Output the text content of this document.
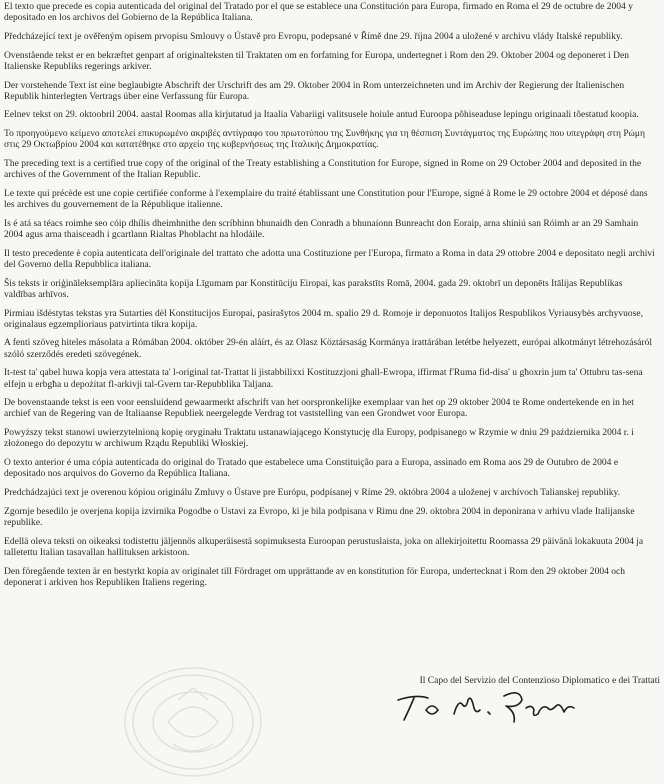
El texto que precede es copia autenticada del original del Tratado por el que se establece una Constitución para Europa, firmado en Roma el 29 de octubre de 2004 y depositado en los archivos del Gobierno de la República Italiana.

Předcházející text je ověřeným opisem prvopisu Smlouvy o Ústavě pro Evropu, podepsané v Římě dne 29. října 2004 a uložené v archivu vlády Italské republiky.

Ovenstående tekst er en bekræftet genpart af originalteksten til Traktaten om en forfatning for Europa, undertegnet i Rom den 29. Oktober 2004 og deponeret i Den Italienske Republiks regerings arkiver.

Der vorstehende Text ist eine beglaubigte Abschrift der Urschrift des am 29. Oktober 2004 in Rom unterzeichneten und im Archiv der Regierung der Italienischen Republik hinterlegten Vertrags über eine Verfassung für Europa.

Eelnev tekst on 29. oktoobril 2004. aastal Roomas alla kirjutatud ja Itaalia Vabariigi valitsusele hoiule antud Euroopa põhiseaduse lepingu originaali tõestatud koopia.

Το προηγούμενο κείμενο αποτελεί επικυρωμένο ακριβές αντίγραφο του πρωτοτύπου της Συνθήκης για τη θέσπιση Συντάγματος της Ευρώπης που υπεγράφη στη Ρώμη στις 29 Οκτωβρίου 2004 και κατατέθηκε στο αρχείο της κυβερνήσεως της Ιταλικής Δημοκρατίας.

The preceding text is a certified true copy of the original of the Treaty establishing a Constitution for Europe, signed in Rome on 29 October 2004 and deposited in the archives of the Government of the Italian Republic.

Le texte qui précède est une copie certifiée conforme à l'exemplaire du traité établissant une Constitution pour l'Europe, signé à Rome le 29 octobre 2004 et déposé dans les archives du gouvernement de la République italienne.

Is é atá sa téacs roimhe seo cóip dhílis dheimhnithe den scríbhinn bhunaidh den Conradh a bhunaíonn Bunreacht don Eoraip, arna shíniú san Róimh ar an 29 Samhain 2004 agus arna thaisceadh i gcartlann Rialtas Phoblacht na hIodáile.

Il testo precedente è copia autenticata dell'originale del trattato che adotta una Costituzione per l'Europa, firmato a Roma in data 29 ottobre 2004 e depositato negli archivi del Governo della Repubblica italiana.

Šis teksts ir oriģināleksemplāra apliecināta kopija Līgumam par Konstitūciju Eiropai, kas parakstīts Romā, 2004. gada 29. oktobrī un deponēts Itālijas Republikas valdības arhīvos.

Pirmiau išdėstytas tekstas yra Sutarties dėl Konstitucijos Europai, pasirašytos 2004 m. spalio 29 d. Romoje ir deponuotos Italijos Respublikos Vyriausybės archyvuose, originalaus egzemplioriaus patvirtinta tikra kopija.

A fenti szöveg hiteles másolata a Rómában 2004. október 29-én aláírt, és az Olasz Köztársaság Kormánya irattárában letétbe helyezett, európai alkotmányt létrehozásáról szóló szerződés eredeti szövegének.

It-test ta' qabel huwa kopja vera attestata ta' l-original tat-Trattat li jistabbilixxi Kostituzzjoni għall-Ewropa, iffirmat f'Ruma fid-disa' u għoxrin jum ta' Ottubru tas-sena elfejn u erbgħa u depożitat fl-arkivji tal-Gvern tar-Repubblika Taljana.

De bovenstaande tekst is een voor eensluidend gewaarmerkt afschrift van het oorspronkelijke exemplaar van het op 29 oktober 2004 te Rome ondertekende en in het archief van de Regering van de Italiaanse Republiek neergelegde Verdrag tot vaststelling van een Grondwet voor Europa.

Powyższy tekst stanowi uwierzytelnioną kopię oryginału Traktatu ustanawiającego Konstytucję dla Europy, podpisanego w Rzymie w dniu 29 października 2004 r. i złożonego do depozytu w archiwum Rządu Republiki Włoskiej.

O texto anterior é uma cópia autenticada do original do Tratado que estabelece uma Constituição para a Europa, assinado em Roma aos 29 de Outubro de 2004 e depositado nos arquivos do Governo da República Italiana.

Predchádzajúci text je overenou kópiou originálu Zmluvy o Ústave pre Európu, podpísanej v Ríme 29. októbra 2004 a uloženej v archívoch Talianskej republiky.

Zgornje besedilo je overjena kopija izvirnika Pogodbe o Ustavi za Evropo, ki je bila podpisana v Rimu dne 29. oktobra 2004 in deponirana v arhivu vlade Italijanske republike.

Edellä oleva teksti on oikeaksi todistettu jäljennös alkuperäisestä sopimuksesta Euroopan perustuslaista, joka on allekirjoitettu Roomassa 29 päivänä lokakuuta 2004 ja talletettu Italian tasavallan hallituksen arkistoon.

Den föregående texten är en bestyrkt kopia av originalet till Fördraget om upprättande av en konstitution för Europa, undertecknat i Rom den 29 oktober 2004 och deponerat i arkiven hos Republiken Italiens regering.

Il Capo del Servizio del Contenzioso Diplomatico e dei Trattati
